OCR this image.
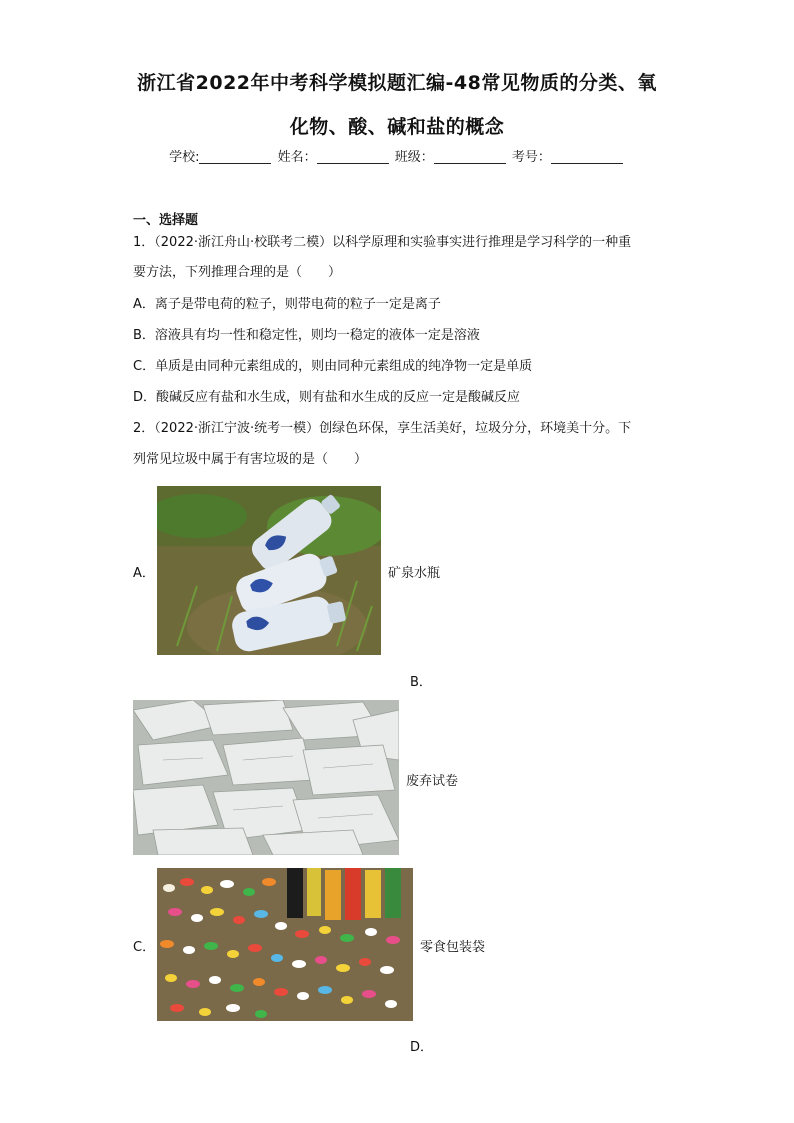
浙江省2022年中考科学模拟题汇编-48常见物质的分类、氧
化物、酸、碱和盐的概念
学校:	姓名：	班级：	考号：
一、选择题
1．（2022·浙江舟山·校联考二模）以科学原理和实验事实进行推理是学习科学的一种重
要方法，下列推理合理的是（　　）
A．离子是带电荷的粒子，则带电荷的粒子一定是离子
B．溶液具有均一性和稳定性，则均一稳定的液体一定是溶液
C．单质是由同种元素组成的，则由同种元素组成的纯净物一定是单质
D．酸碱反应有盐和水生成，则有盐和水生成的反应一定是酸碱反应
2．（2022·浙江宁波·统考一模）创绿色环保，享生活美好，垃圾分分，环境美十分。下
列常见垃圾中属于有害垃圾的是（　　）
A．	矿泉水瓶
B．
废弃试卷
C．	零食包装袋
D．
